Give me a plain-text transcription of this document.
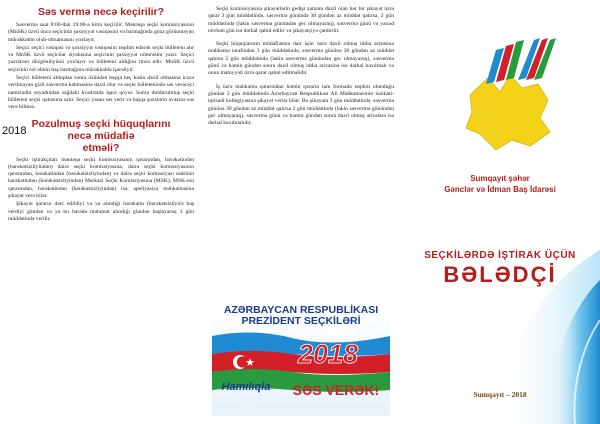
Səs vermə necə keçirilir?

Səsvermə saat 8:00-dan 19:00-a kimi keçirilir. Məntəqə seçki komissiyasının (MnSK) üzvü öncə seçicinin şəxsiyyət vəsiqəsini və barmağında göza görünməyən mürəkkəbin olub-olmamasını yoxlayır.

Seçici seçici vəsiqəsi və şəxsiyyət vəsiqəsini təqdim edərək seçki bülleteni alır və MnSK üzvü seçicilər siyahısına seçicinin şəxsiyyət nömrəsini yazır. Seçici yazılarını düzgünlüyünü yoxlayır və bülleteni aldığını imza edir. MnSK üzvü seçicinin sol əlinin baş barmağına mürəkkəblə işarəliyir.

Seçici bülleteni aldıqdan sonra özündən başqa heç kəsin daxil olmasına icazə verilməyən gizli səsvermə kabinəsinə daxil olur və seçki bülletenində səs verəcəyi namizədin soyadından sağdakı kvadratda işarə qoyur. Sonra doldurulmuş seçki bülleteni seçki qutusuna salır. Seçici yəsan səs verir və başqa şəxslərin əvəzinə səs verə bilməz.

Pozulmuş seçki hüquqlarını
necə müdafiə
etməli?

Seçki iştirakçıları məntəqə seçki komissiyasının qərarından, hərəkətindən (hərəkətsizliyindən) dairə seçki komissiyasına, dairə seçki komissiyasının qərarından, hərəkətindən (hərəkətsizliyindən) və dairə seçki komissiyası sədrinin hərəkətindən (hərəkətsizliyindən) Mərkəzi Seçki Komissiyasına (MSK), MSK-nın qərarından, hərəkətindən (hərəkətsizliyindən) isə, apellyasiya məhkəməsinə şikayət verə bilər.

Şikayət qərarın dərc edildiyi və ya alındığı hərəkətin (hərəkətsizliyin) baş verdiyi gündən və ya bu barədə məlumat alındığı gündən başlayaraq 3 gün müddətində verilir.

2018

Seçki komissiyasına şikayətlərin gedişi zamanı daxil olan hər bir şikayət üzrə qərar 3 gün müddətində, səsvermə günündə 30 gündən az müddət qalırsa, 2 gün müddətində (lakin səsvermə günündən gec olmayaraq), səsvermə günü və yaxud növbəti gün isə dərhal qəbul edilir və şikayətçiyə çatdırılır.

Seçki hüquqlarının müdafiəsinə dair işlər üzrə daxil olmuş iddia ərizəsinə məhkəmə tərəfindən 3 gün müddətində, səsvermə gününə 30 gündən az müddət qalırsa 2 gün müddətində (lakin səsvermə günündən gec olmayaraq), səsvermə günü və həmin gündən sonra daxil olmuş iddia ərizəsinə isə dərhal baxılmalı və onun mahiyyəti üzrə qərar qəbul edilməlidir.

İş üzrə məhkəmə qərarından həmin qərarın tam formada təqdim olunduğu gündən 3 gün müddətində Azərbaycan Respublikası Ali Məhkəməsinin inzibati-iqtisadi kollegiyasına şikayət verilə bilər. Bu şikayətə 3 gün müddətində, səsvermə gününə 30 gündən az müddət qalırsa 2 gün müddətində (lakin səsvermə günündən gec olmayaraq), səsvermə günü və həmin gündən sonra daxil olmuş ərizələrə isə dərhal baxılmalıdır.

AZƏRBAYCAN RESPUBLİKASI
PREZİDENT SEÇKİLƏRİ
11 APREL
2018
Hamılıqla SƏS VERƏK!
Sumqayıt şəhər
Gənclər və İdman Baş İdarəsi
SEÇKİLƏRDƏ İŞTİRAK ÜÇÜN
BƏLƏDÇİ
Sumqayıt – 2018
